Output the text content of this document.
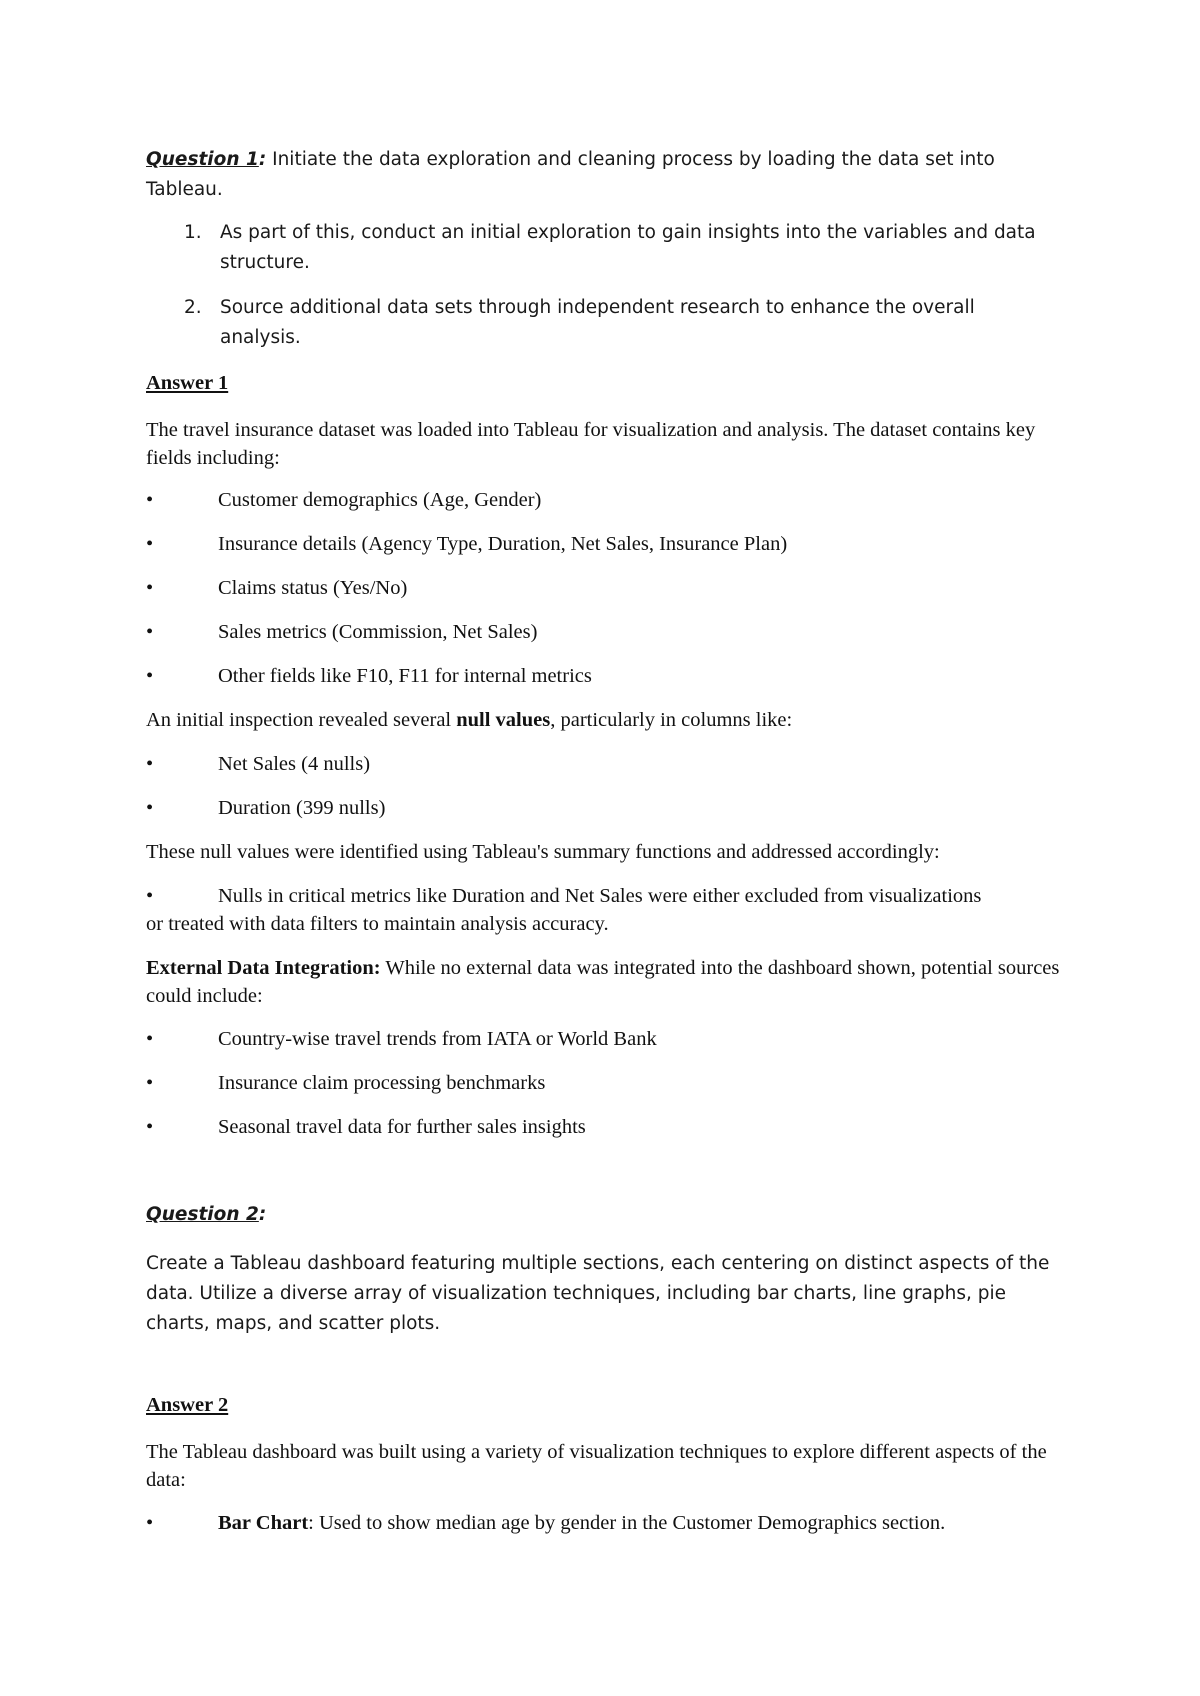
Question 1: Initiate the data exploration and cleaning process by loading the data set into Tableau.
1. As part of this, conduct an initial exploration to gain insights into the variables and data structure.
2. Source additional data sets through independent research to enhance the overall analysis.
Answer 1
The travel insurance dataset was loaded into Tableau for visualization and analysis. The dataset contains key fields including:
•	Customer demographics (Age, Gender)
•	Insurance details (Agency Type, Duration, Net Sales, Insurance Plan)
•	Claims status (Yes/No)
•	Sales metrics (Commission, Net Sales)
•	Other fields like F10, F11 for internal metrics
An initial inspection revealed several null values, particularly in columns like:
•	Net Sales (4 nulls)
•	Duration (399 nulls)
These null values were identified using Tableau's summary functions and addressed accordingly:
•	Nulls in critical metrics like Duration and Net Sales were either excluded from visualizations
or treated with data filters to maintain analysis accuracy.
External Data Integration: While no external data was integrated into the dashboard shown, potential sources could include:
•	Country-wise travel trends from IATA or World Bank
•	Insurance claim processing benchmarks
•	Seasonal travel data for further sales insights
Question 2:
Create a Tableau dashboard featuring multiple sections, each centering on distinct aspects of the data. Utilize a diverse array of visualization techniques, including bar charts, line graphs, pie charts, maps, and scatter plots.
Answer 2
The Tableau dashboard was built using a variety of visualization techniques to explore different aspects of the data:
•	Bar Chart: Used to show median age by gender in the Customer Demographics section.
